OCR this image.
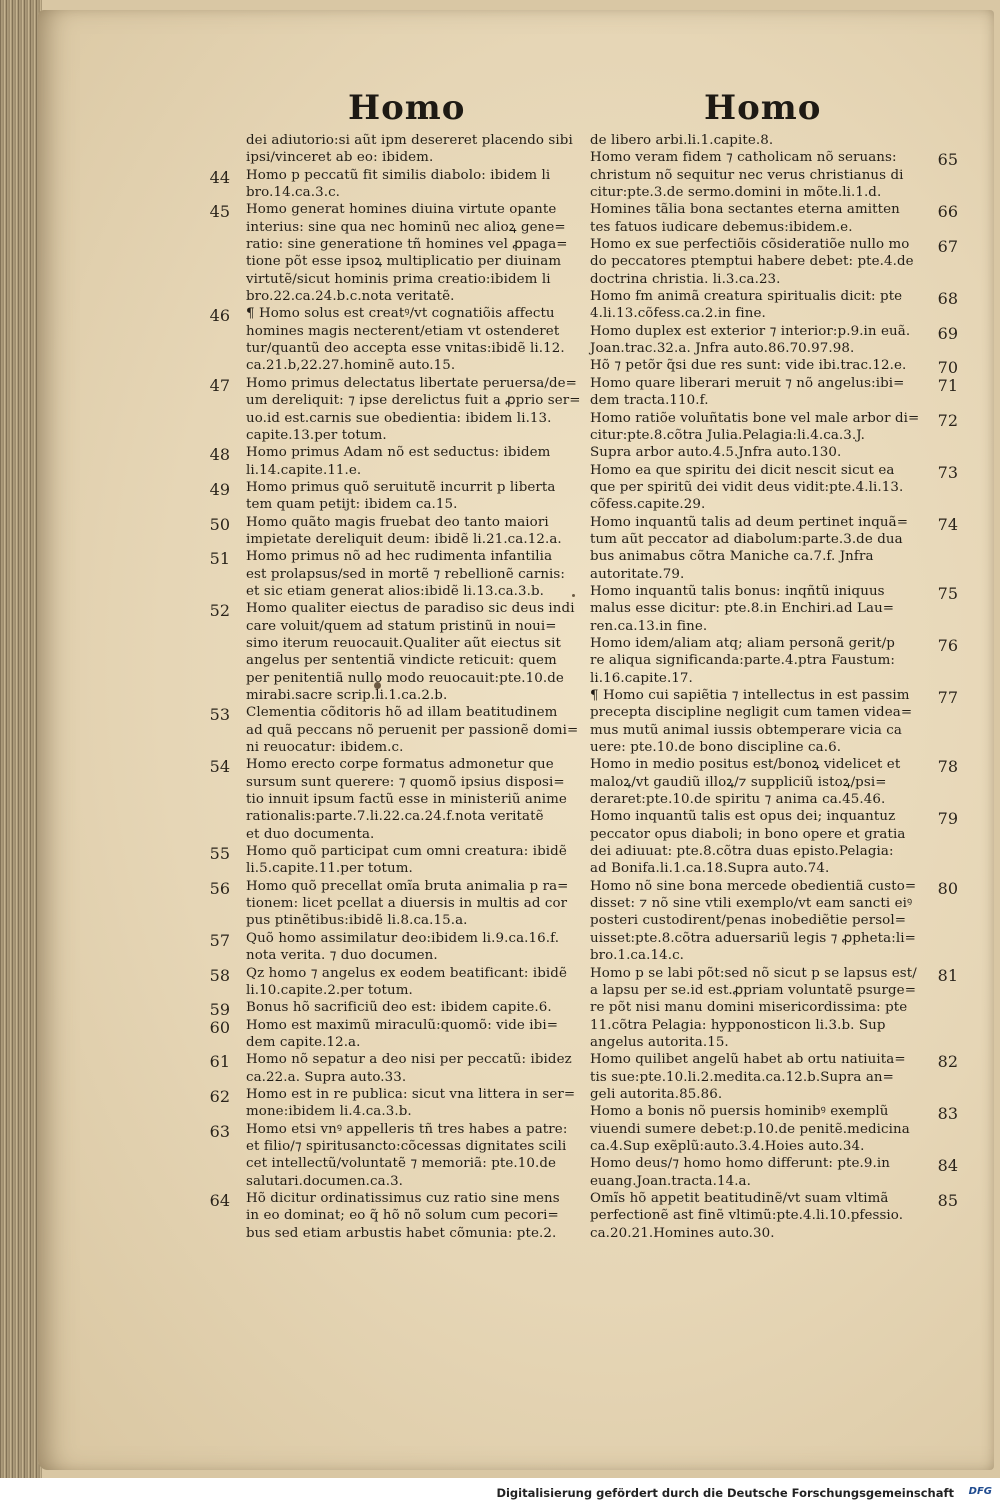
Homo	Homo
dei adiutorio:si aũt ipm desereret placendo sibi
ipsi/vinceret ab eo: ibidem.
44 Homo p peccatũ fit similis diabolo: ibidem li
bro.14.ca.3.c.
45 Homo generat homines diuina virtute opante
interius: sine qua nec hominũ nec alioꝝ gene=
ratio: sine generatione tñ homines vel ꝓpaga=
tione põt esse ipsoꝝ multiplicatio per diuinam
virtutẽ/sicut hominis prima creatio:ibidem li
bro.22.ca.24.b.c.nota veritatẽ.
46 ¶ Homo solus est creatꝰ/vt cognatiõis affectu
homines magis necterent/etiam vt ostenderet
tur/quantũ deo accepta esse vnitas:ibidẽ li.12.
ca.21.b,22.27.hominẽ auto.15.
47 Homo primus delectatus libertate peruersa/de=
um dereliquit: ⁊ ipse derelictus fuit a ꝓprio ser=
uo.id est.carnis sue obedientia: ibidem li.13.
capite.13.per totum.
48 Homo primus Adam nõ est seductus: ibidem
li.14.capite.11.e.
49 Homo primus quõ seruitutẽ incurrit p liberta
tem quam petijt: ibidem ca.15.
50 Homo quãto magis fruebat deo tanto maiori
impietate dereliquit deum: ibidẽ li.21.ca.12.a.
51 Homo primus nõ ad hec rudimenta infantilia
est prolapsus/sed in mortẽ ⁊ rebellionẽ carnis:
et sic etiam generat alios:ibidẽ li.13.ca.3.b.
52 Homo qualiter eiectus de paradiso sic deus indi
care voluit/quem ad statum pristinũ in noui=
simo iterum reuocauit.Qualiter aũt eiectus sit
angelus per sententiã vindicte reticuit: quem
per penitentiã nullo modo reuocauit:pte.10.de
mirabi.sacre scrip.li.1.ca.2.b.
53 Clementia cõditoris hõ ad illam beatitudinem
ad quã peccans nõ peruenit per passionẽ domi=
ni reuocatur: ibidem.c.
54 Homo erecto corpe formatus admonetur que
sursum sunt querere: ⁊ quomõ ipsius disposi=
tio innuit ipsum factũ esse in ministeriũ anime
rationalis:parte.7.li.22.ca.24.f.nota veritatẽ
et duo documenta.
55 Homo quõ participat cum omni creatura: ibidẽ
li.5.capite.11.per totum.
56 Homo quõ precellat omĩa bruta animalia p ra=
tionem: licet pcellat a diuersis in multis ad cor
pus ptinẽtibus:ibidẽ li.8.ca.15.a.
57 Quõ homo assimilatur deo:ibidem li.9.ca.16.f.
nota verita. ⁊ duo documen.
58 Qz homo ⁊ angelus ex eodem beatificant: ibidẽ
li.10.capite.2.per totum.
59 Bonus hõ sacrificiũ deo est: ibidem capite.6.
60 Homo est maximũ miraculũ:quomõ: vide ibi=
dem capite.12.a.
61 Homo nõ sepatur a deo nisi per peccatũ: ibidez
ca.22.a. Supra auto.33.
62 Homo est in re publica: sicut vna littera in ser=
mone:ibidem li.4.ca.3.b.
63 Homo etsi vnꝰ appelleris tñ tres habes a patre:
et filio/⁊ spiritusancto:cõcessas dignitates scili
cet intellectũ/voluntatẽ ⁊ memoriã: pte.10.de
salutari.documen.ca.3.
64 Hõ dicitur ordinatissimus cuz ratio sine mens
in eo dominat; eo q̃ hõ nõ solum cum pecori=
bus sed etiam arbustis habet cõmunia: pte.2.
de libero arbi.li.1.capite.8.
65
Homo veram fidem ⁊ catholicam nõ seruans:
christum nõ sequitur nec verus christianus di
citur:pte.3.de sermo.domini in mõte.li.1.d.
66
Homines tãlia bona sectantes eterna amitten
tes fatuos iudicare debemus:ibidem.e.
67
Homo ex sue perfectiõis cõsideratiõe nullo mo
do peccatores ptemptui habere debet: pte.4.de
doctrina christia. li.3.ca.23.
68
Homo fm animã creatura spiritualis dicit: pte
4.li.13.cõfess.ca.2.in fine.
69
Homo duplex est exterior ⁊ interior:p.9.in euã.
Joan.trac.32.a. Jnfra auto.86.70.97.98.
70
Hõ ⁊ petõr q̃si due res sunt: vide ibi.trac.12.e.
71
Homo quare liberari meruit ⁊ nõ angelus:ibi=
dem tracta.110.f.
72
Homo ratiõe voluñtatis bone vel male arbor di=
citur:pte.8.cõtra Julia.Pelagia:li.4.ca.3.J.
Supra arbor auto.4.5.Jnfra auto.130.
73
Homo ea que spiritu dei dicit nescit sicut ea
que per spiritũ dei vidit deus vidit:pte.4.li.13.
cõfess.capite.29.
74
Homo inquantũ talis ad deum pertinet inquã=
tum aũt peccator ad diabolum:parte.3.de dua
bus animabus cõtra Maniche ca.7.f. Jnfra
autoritate.79.
75
Homo inquantũ talis bonus: inqñtũ iniquus
malus esse dicitur: pte.8.in Enchiri.ad Lau=
ren.ca.13.in fine.
76
Homo idem/aliam atq; aliam personã gerit/p
re aliqua significanda:parte.4.ptra Faustum:
li.16.capite.17.
77
¶ Homo cui sapiẽtia ⁊ intellectus in est passim
precepta discipline negligit cum tamen videa=
mus mutũ animal iussis obtemperare vicia ca
uere: pte.10.de bono discipline ca.6.
78
Homo in medio positus est/bonoꝝ videlicet et
maloꝝ/vt gaudiũ illoꝝ/⁊ suppliciũ istoꝝ/psi=
deraret:pte.10.de spiritu ⁊ anima ca.45.46.
79
Homo inquantũ talis est opus dei; inquantuz
peccator opus diaboli; in bono opere et gratia
dei adiuuat: pte.8.cõtra duas episto.Pelagia:
ad Bonifa.li.1.ca.18.Supra auto.74.
80
Homo nõ sine bona mercede obedientiã custo=
disset: ⁊ nõ sine vtili exemplo/vt eam sancti eiꝰ
posteri custodirent/penas inobediẽtie persol=
uisset:pte.8.cõtra aduersariũ legis ⁊ ꝓpheta:li=
bro.1.ca.14.c.
81
Homo p se labi põt:sed nõ sicut p se lapsus est/
a lapsu per se.id est.ꝓpriam voluntatẽ psurge=
re põt nisi manu domini misericordissima: pte
11.cõtra Pelagia: hypponosticon li.3.b. Sup
angelus autorita.15.
82
Homo quilibet angelũ habet ab ortu natiuita=
tis sue:pte.10.li.2.medita.ca.12.b.Supra an=
geli autorita.85.86.
83
Homo a bonis nõ puersis hominibꝰ exemplũ
viuendi sumere debet:p.10.de penitẽ.medicina
ca.4.Sup exẽplũ:auto.3.4.Hoies auto.34.
84
Homo deus/⁊ homo homo differunt: pte.9.in
euang.Joan.tracta.14.a.
85
Omĩs hõ appetit beatitudinẽ/vt suam vltimã
perfectionẽ ast finẽ vltimũ:pte.4.li.10.pfessio.
ca.20.21.Homines auto.30.
Digitalisierung gefördert durch die Deutsche Forschungsgemeinschaft DFG
